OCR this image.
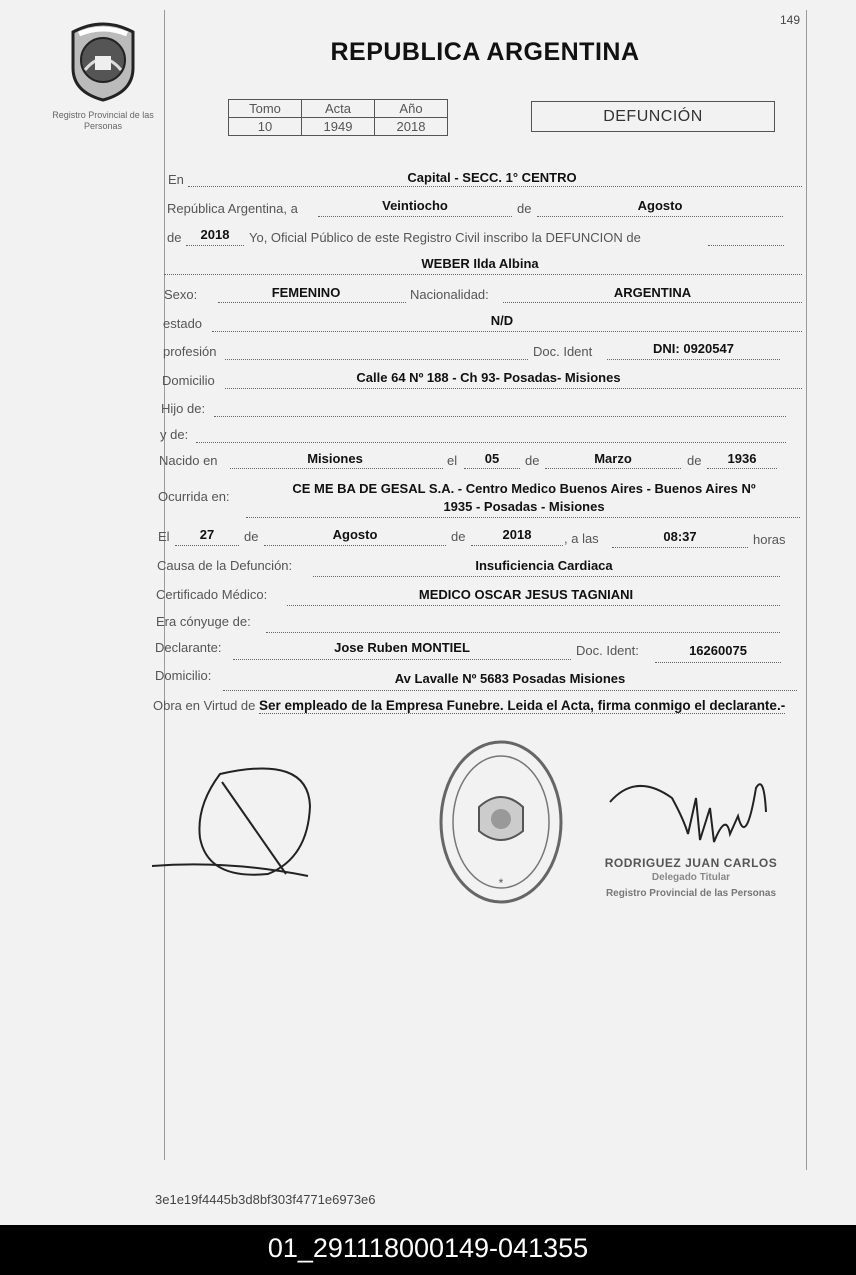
149
Registro Provincial de las Personas
REPUBLICA ARGENTINA
Tomo	Acta	Año
10	1949	2018
DEFUNCIÓN
En	Capital - SECC. 1° CENTRO
República Argentina, a	Veintiocho	de	Agosto
de	2018	Yo, Oficial Público de este Registro Civil inscribo la DEFUNCION de
WEBER Ilda Albina
Sexo:	FEMENINO	Nacionalidad:	ARGENTINA
estado	N/D
profesión	Doc. Ident	DNI: 0920547
Domicilio	Calle 64 Nº 188 - Ch 93- Posadas- Misiones
Hijo de:
y de:
Nacido en	Misiones	el	05	de	Marzo	de	1936
Ocurrida en:
CE ME BA DE GESAL S.A. - Centro Medico Buenos Aires - Buenos Aires Nº
1935 - Posadas - Misiones
El	27	de	Agosto	de	2018	, a las	08:37	horas
Causa de la Defunción:	Insuficiencia Cardiaca
Certificado Médico:	MEDICO OSCAR JESUS TAGNIANI
Era cónyuge de:
Declarante:	Jose Ruben MONTIEL	Doc. Ident:	16260075
Domicilio:	Av Lavalle Nº 5683 Posadas Misiones
Obra en Virtud de Ser empleado de la Empresa Funebre. Leida el Acta, firma conmigo el declarante.-
*
RODRIGUEZ JUAN CARLOS
Delegado Titular
Registro Provincial de las Personas
3e1e19f4445b3d8bf303f4771e6973e6
01_291118000149-041355
